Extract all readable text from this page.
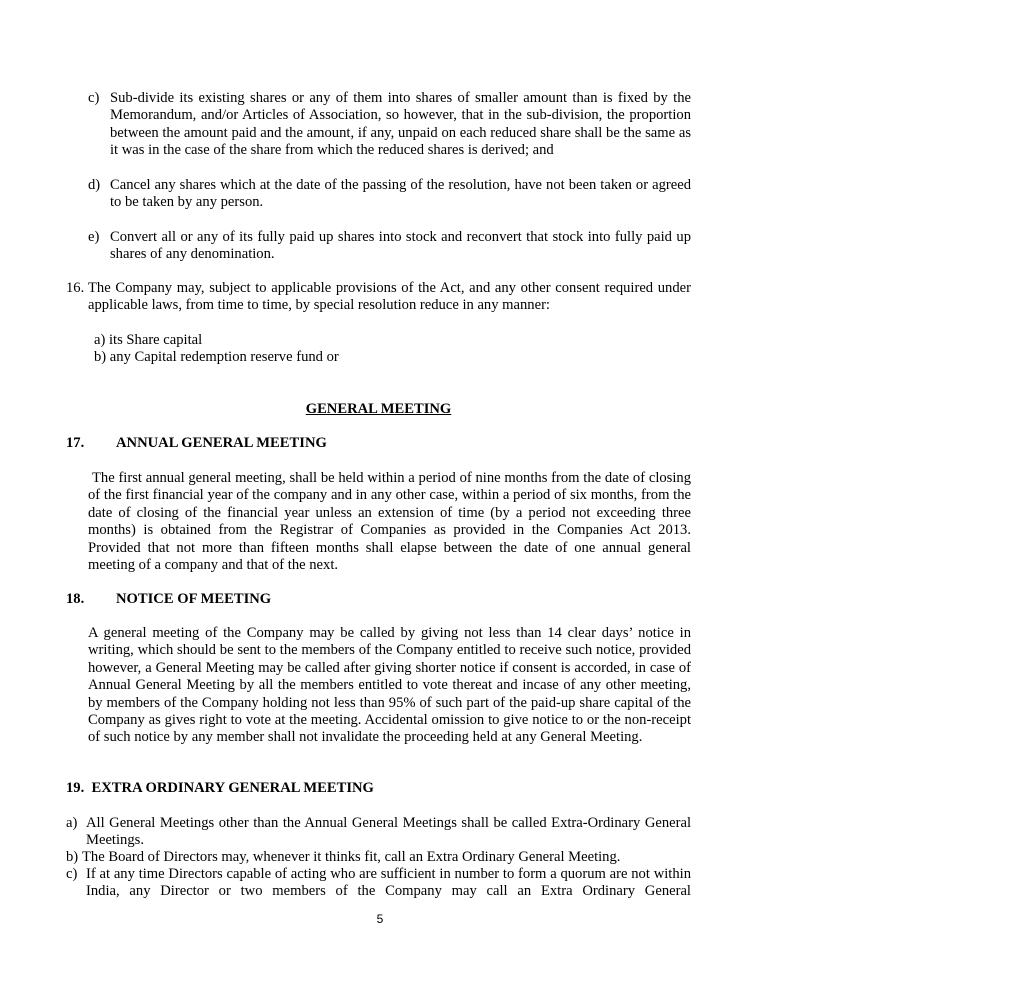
c) Sub-divide its existing shares or any of them into shares of smaller amount than is fixed by the Memorandum, and/or Articles of Association, so however, that in the sub-division, the proportion between the amount paid and the amount, if any, unpaid on each reduced share shall be the same as it was in the case of the share from which the reduced shares is derived; and
d) Cancel any shares which at the date of the passing of the resolution, have not been taken or agreed to be taken by any person.
e) Convert all or any of its fully paid up shares into stock and reconvert that stock into fully paid up shares of any denomination.
16. The Company may, subject to applicable provisions of the Act, and any other consent required under applicable laws, from time to time, by special resolution reduce in any manner:
a) its Share capital
b) any Capital redemption reserve fund or
GENERAL MEETING
17. ANNUAL GENERAL MEETING
The first annual general meeting, shall be held within a period of nine months from the date of closing of the first financial year of the company and in any other case, within a period of six months, from the date of closing of the financial year unless an extension of time (by a period not exceeding three months) is obtained from the Registrar of Companies as provided in the Companies Act 2013. Provided that not more than fifteen months shall elapse between the date of one annual general meeting of a company and that of the next.
18. NOTICE OF MEETING
A general meeting of the Company may be called by giving not less than 14 clear days’ notice in writing, which should be sent to the members of the Company entitled to receive such notice, provided however, a General Meeting may be called after giving shorter notice if consent is accorded, in case of Annual General Meeting by all the members entitled to vote thereat and incase of any other meeting, by members of the Company holding not less than 95% of such part of the paid-up share capital of the Company as gives right to vote at the meeting. Accidental omission to give notice to or the non-receipt of such notice by any member shall not invalidate the proceeding held at any General Meeting.
19.  EXTRA ORDINARY GENERAL MEETING
a) All General Meetings other than the Annual General Meetings shall be called Extra-Ordinary General Meetings.
b) The Board of Directors may, whenever it thinks fit, call an Extra Ordinary General Meeting.
c) If at any time Directors capable of acting who are sufficient in number to form a quorum are not within India, any Director or two members of the Company may call an Extra Ordinary General
5
